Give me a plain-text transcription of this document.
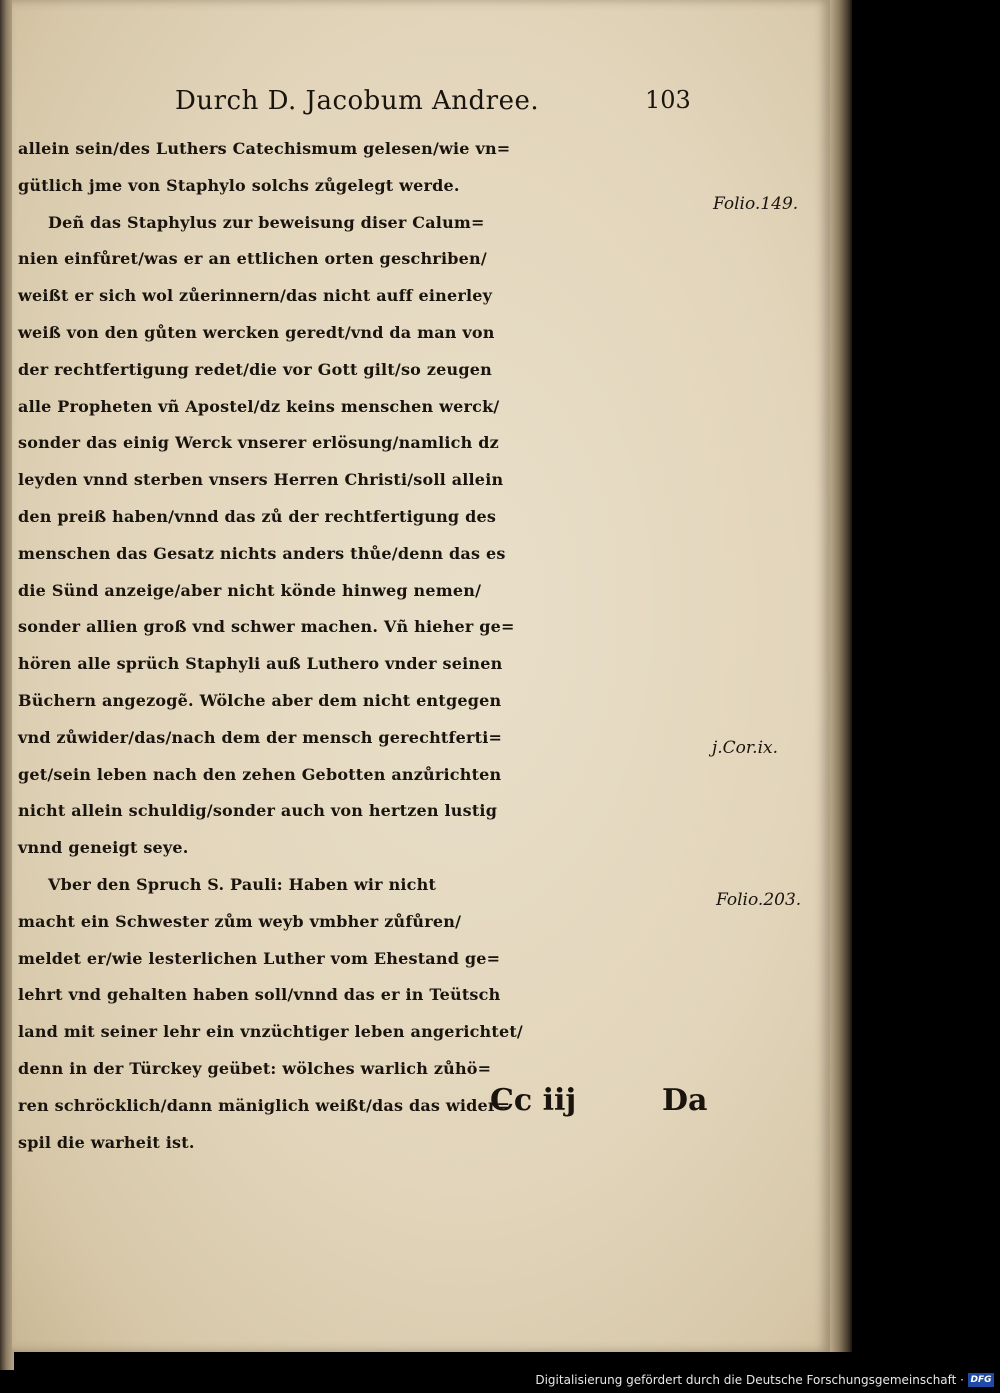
Durch D. Jacobum Andree.	103
allein sein/des Luthers Catechismum gelesen/wie vn=
gütlich jme von Staphylo solchs zůgelegt werde.
Deñ das Staphylus zur beweisung diser Calum=
nien einfůret/was er an ettlichen orten geschriben/
weißt er sich wol zůerinnern/das nicht auff einerley
weiß von den gůten wercken geredt/vnd da man von
der rechtfertigung redet/die vor Gott gilt/so zeugen
alle Propheten vñ Apostel/dz keins menschen werck/
sonder das einig Werck vnserer erlösung/namlich dz
leyden vnnd sterben vnsers Herren Christi/soll allein
den preiß haben/vnnd das zů der rechtfertigung des
menschen das Gesatz nichts anders thůe/denn das es
die Sünd anzeige/aber nicht könde hinweg nemen/
sonder allien groß vnd schwer machen. Vñ hieher ge=
hören alle sprüch Staphyli auß Luthero vnder seinen
Büchern angezogẽ. Wölche aber dem nicht entgegen
vnd zůwider/das/nach dem der mensch gerechtferti=
get/sein leben nach den zehen Gebotten anzůrichten
nicht allein schuldig/sonder auch von hertzen lustig
vnnd geneigt seye.
Vber den Spruch S. Pauli: Haben wir nicht
macht ein Schwester zům weyb vmbher zůfůren/
meldet er/wie lesterlichen Luther vom Ehestand ge=
lehrt vnd gehalten haben soll/vnnd das er in Teütsch
land mit seiner lehr ein vnzüchtiger leben angerichtet/
denn in der Türckey geübet: wölches warlich zůhö=
ren schröcklich/dann mäniglich weißt/das das wider=
spil die warheit ist.
Folio.149.
j.Cor.ix.
Folio.203.
Cc iij	Da
Digitalisierung gefördert durch die Deutsche Forschungsgemeinschaft · DFG
